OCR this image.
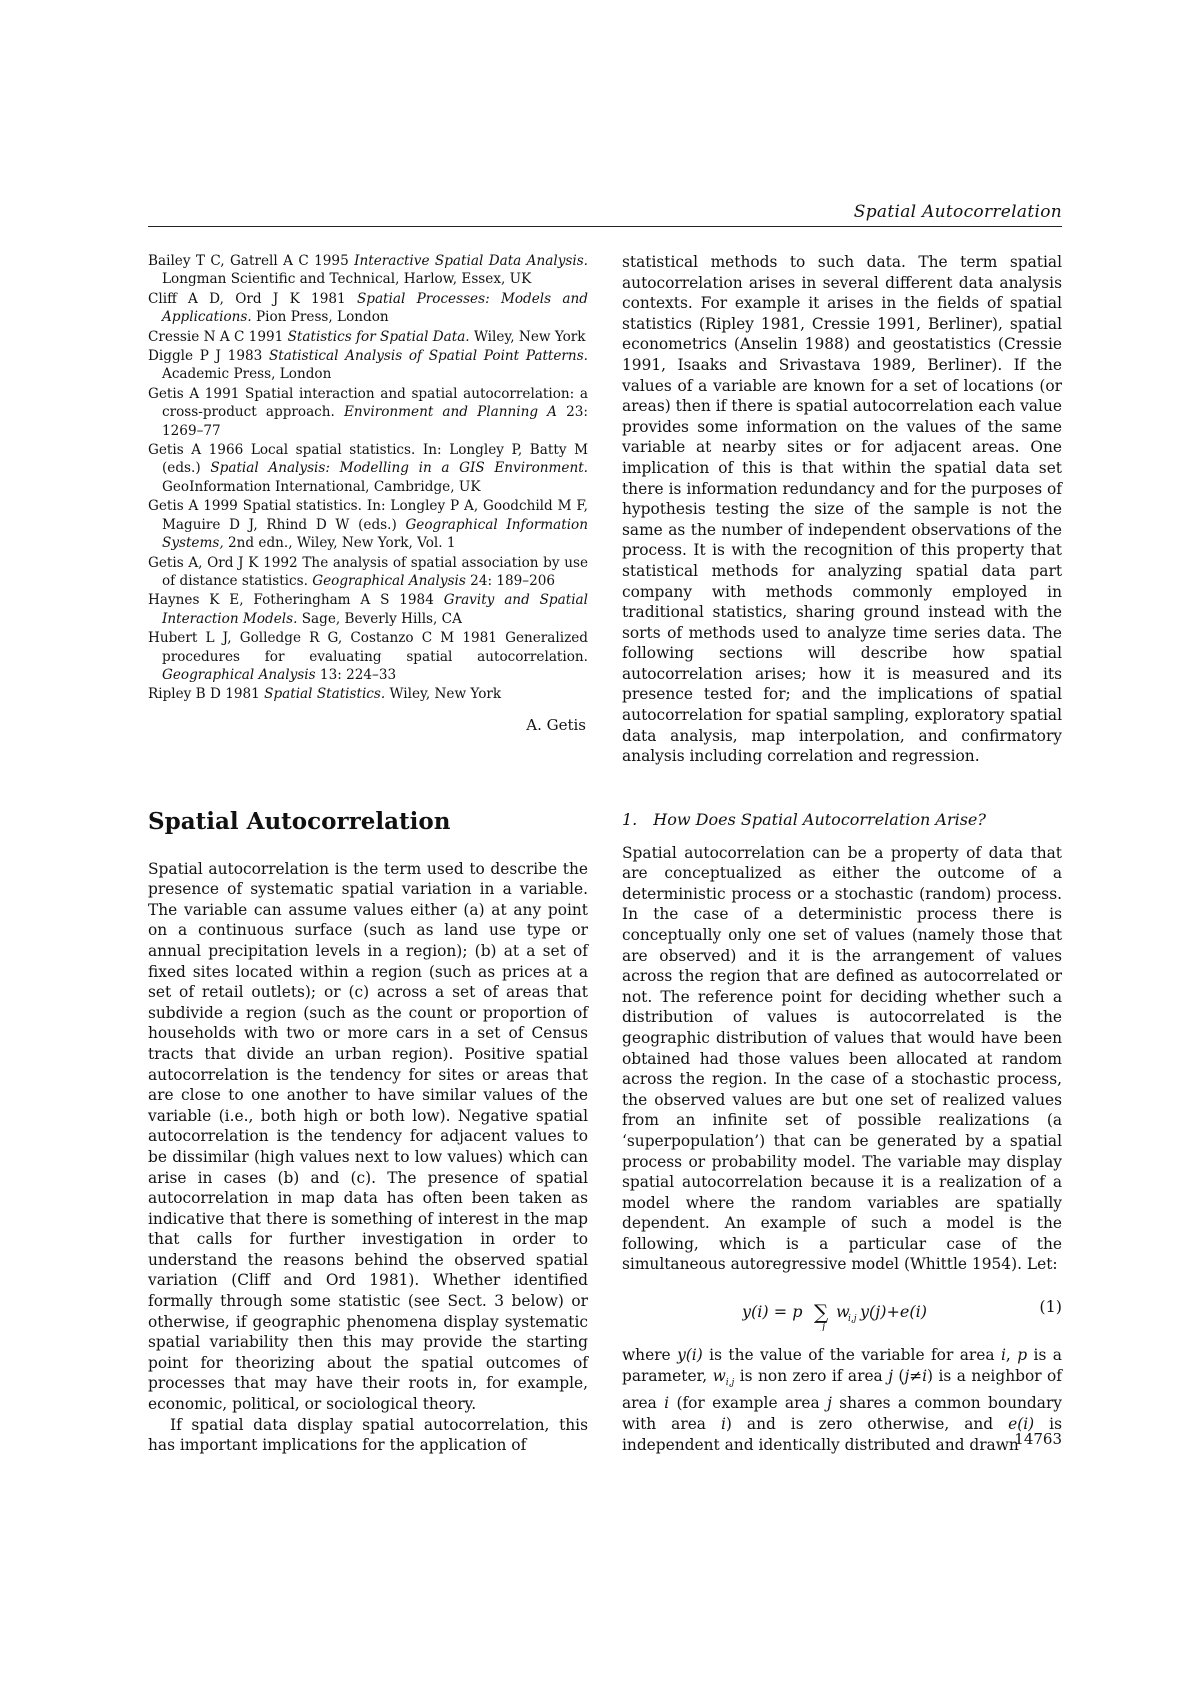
Spatial Autocorrelation

Bailey T C, Gatrell A C 1995 Interactive Spatial Data Analysis. Longman Scientific and Technical, Harlow, Essex, UK

Cliff A D, Ord J K 1981 Spatial Processes: Models and Applications. Pion Press, London

Cressie N A C 1991 Statistics for Spatial Data. Wiley, New York

Diggle P J 1983 Statistical Analysis of Spatial Point Patterns. Academic Press, London

Getis A 1991 Spatial interaction and spatial autocorrelation: a cross-product approach. Environment and Planning A 23: 1269–77

Getis A 1966 Local spatial statistics. In: Longley P, Batty M (eds.) Spatial Analysis: Modelling in a GIS Environment. GeoInformation International, Cambridge, UK

Getis A 1999 Spatial statistics. In: Longley P A, Goodchild M F, Maguire D J, Rhind D W (eds.) Geographical Information Systems, 2nd edn., Wiley, New York, Vol. 1

Getis A, Ord J K 1992 The analysis of spatial association by use of distance statistics. Geographical Analysis 24: 189–206

Haynes K E, Fotheringham A S 1984 Gravity and Spatial Interaction Models. Sage, Beverly Hills, CA

Hubert L J, Golledge R G, Costanzo C M 1981 Generalized procedures for evaluating spatial autocorrelation. Geographical Analysis 13: 224–33

Ripley B D 1981 Spatial Statistics. Wiley, New York

A. Getis

statistical methods to such data. The term spatial autocorrelation arises in several different data analysis contexts. For example it arises in the fields of spatial statistics (Ripley 1981, Cressie 1991, Berliner), spatial econometrics (Anselin 1988) and geostatistics (Cressie 1991, Isaaks and Srivastava 1989, Berliner). If the values of a variable are known for a set of locations (or areas) then if there is spatial autocorrelation each value provides some information on the values of the same variable at nearby sites or for adjacent areas. One implication of this is that within the spatial data set there is information redundancy and for the purposes of hypothesis testing the size of the sample is not the same as the number of independent observations of the process. It is with the recognition of this property that statistical methods for analyzing spatial data part company with methods commonly employed in traditional statistics, sharing ground instead with the sorts of methods used to analyze time series data. The following sections will describe how spatial autocorrelation arises; how it is measured and its presence tested for; and the implications of spatial autocorrelation for spatial sampling, exploratory spatial data analysis, map interpolation, and confirmatory analysis including correlation and regression.

Spatial Autocorrelation

Spatial autocorrelation is the term used to describe the presence of systematic spatial variation in a variable. The variable can assume values either (a) at any point on a continuous surface (such as land use type or annual precipitation levels in a region); (b) at a set of fixed sites located within a region (such as prices at a set of retail outlets); or (c) across a set of areas that subdivide a region (such as the count or proportion of households with two or more cars in a set of Census tracts that divide an urban region). Positive spatial autocorrelation is the tendency for sites or areas that are close to one another to have similar values of the variable (i.e., both high or both low). Negative spatial autocorrelation is the tendency for adjacent values to be dissimilar (high values next to low values) which can arise in cases (b) and (c). The presence of spatial autocorrelation in map data has often been taken as indicative that there is something of interest in the map that calls for further investigation in order to understand the reasons behind the observed spatial variation (Cliff and Ord 1981). Whether identified formally through some statistic (see Sect. 3 below) or otherwise, if geographic phenomena display systematic spatial variability then this may provide the starting point for theorizing about the spatial outcomes of processes that may have their roots in, for example, economic, political, or sociological theory.

If spatial data display spatial autocorrelation, this has important implications for the application of

1. How Does Spatial Autocorrelation Arise?

Spatial autocorrelation can be a property of data that are conceptualized as either the outcome of a deterministic process or a stochastic (random) process. In the case of a deterministic process there is conceptually only one set of values (namely those that are observed) and it is the arrangement of values across the region that are defined as autocorrelated or not. The reference point for deciding whether such a distribution of values is autocorrelated is the geographic distribution of values that would have been obtained had those values been allocated at random across the region. In the case of a stochastic process, the observed values are but one set of realized values from an infinite set of possible realizations (a ‘superpopulation’) that can be generated by a spatial process or probability model. The variable may display spatial autocorrelation because it is a realization of a model where the random variables are spatially dependent. An example of such a model is the following, which is a particular case of the simultaneous autoregressive model (Whittle 1954). Let:

y(i) = p ∑
j
w
i,j y(j)+e(i)	(1)

where y(i) is the value of the variable for area i, p is a parameter, $w_{i,j}$ is non zero if area j (j≠i) is a neighbor of area i (for example area j shares a common boundary with area i) and is zero otherwise, and e(i) is independent and identically distributed and drawn

14763
